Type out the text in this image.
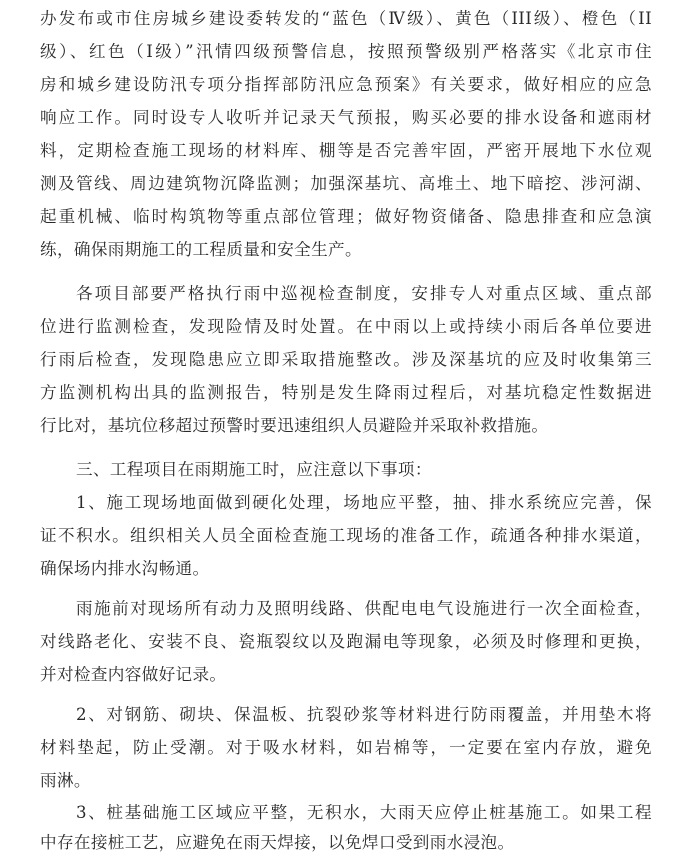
办发布或市住房城乡建设委转发的“蓝色（Ⅳ级）、黄色（III级）、橙色（II
级）、红色（Ⅰ级）”汛情四级预警信息，按照预警级别严格落实《北京市住
房和城乡建设防汛专项分指挥部防汛应急预案》有关要求，做好相应的应急
响应工作。同时设专人收听并记录天气预报，购买必要的排水设备和遮雨材
料，定期检查施工现场的材料库、棚等是否完善牢固，严密开展地下水位观
测及管线、周边建筑物沉降监测；加强深基坑、高堆土、地下暗挖、涉河湖、
起重机械、临时构筑物等重点部位管理；做好物资储备、隐患排查和应急演
练，确保雨期施工的工程质量和安全生产。
各项目部要严格执行雨中巡视检查制度，安排专人对重点区域、重点部
位进行监测检查，发现险情及时处置。在中雨以上或持续小雨后各单位要进
行雨后检查，发现隐患应立即采取措施整改。涉及深基坑的应及时收集第三
方监测机构出具的监测报告，特别是发生降雨过程后，对基坑稳定性数据进
行比对，基坑位移超过预警时要迅速组织人员避险并采取补救措施。
三、工程项目在雨期施工时，应注意以下事项：
1、施工现场地面做到硬化处理，场地应平整，抽、排水系统应完善，保
证不积水。组织相关人员全面检查施工现场的准备工作，疏通各种排水渠道，
确保场内排水沟畅通。
雨施前对现场所有动力及照明线路、供配电电气设施进行一次全面检查，
对线路老化、安装不良、瓷瓶裂纹以及跑漏电等现象，必须及时修理和更换，
并对检查内容做好记录。
2、对钢筋、砌块、保温板、抗裂砂浆等材料进行防雨覆盖，并用垫木将
材料垫起，防止受潮。对于吸水材料，如岩棉等，一定要在室内存放，避免
雨淋。
3、桩基础施工区域应平整，无积水，大雨天应停止桩基施工。如果工程
中存在接桩工艺，应避免在雨天焊接，以免焊口受到雨水浸泡。
